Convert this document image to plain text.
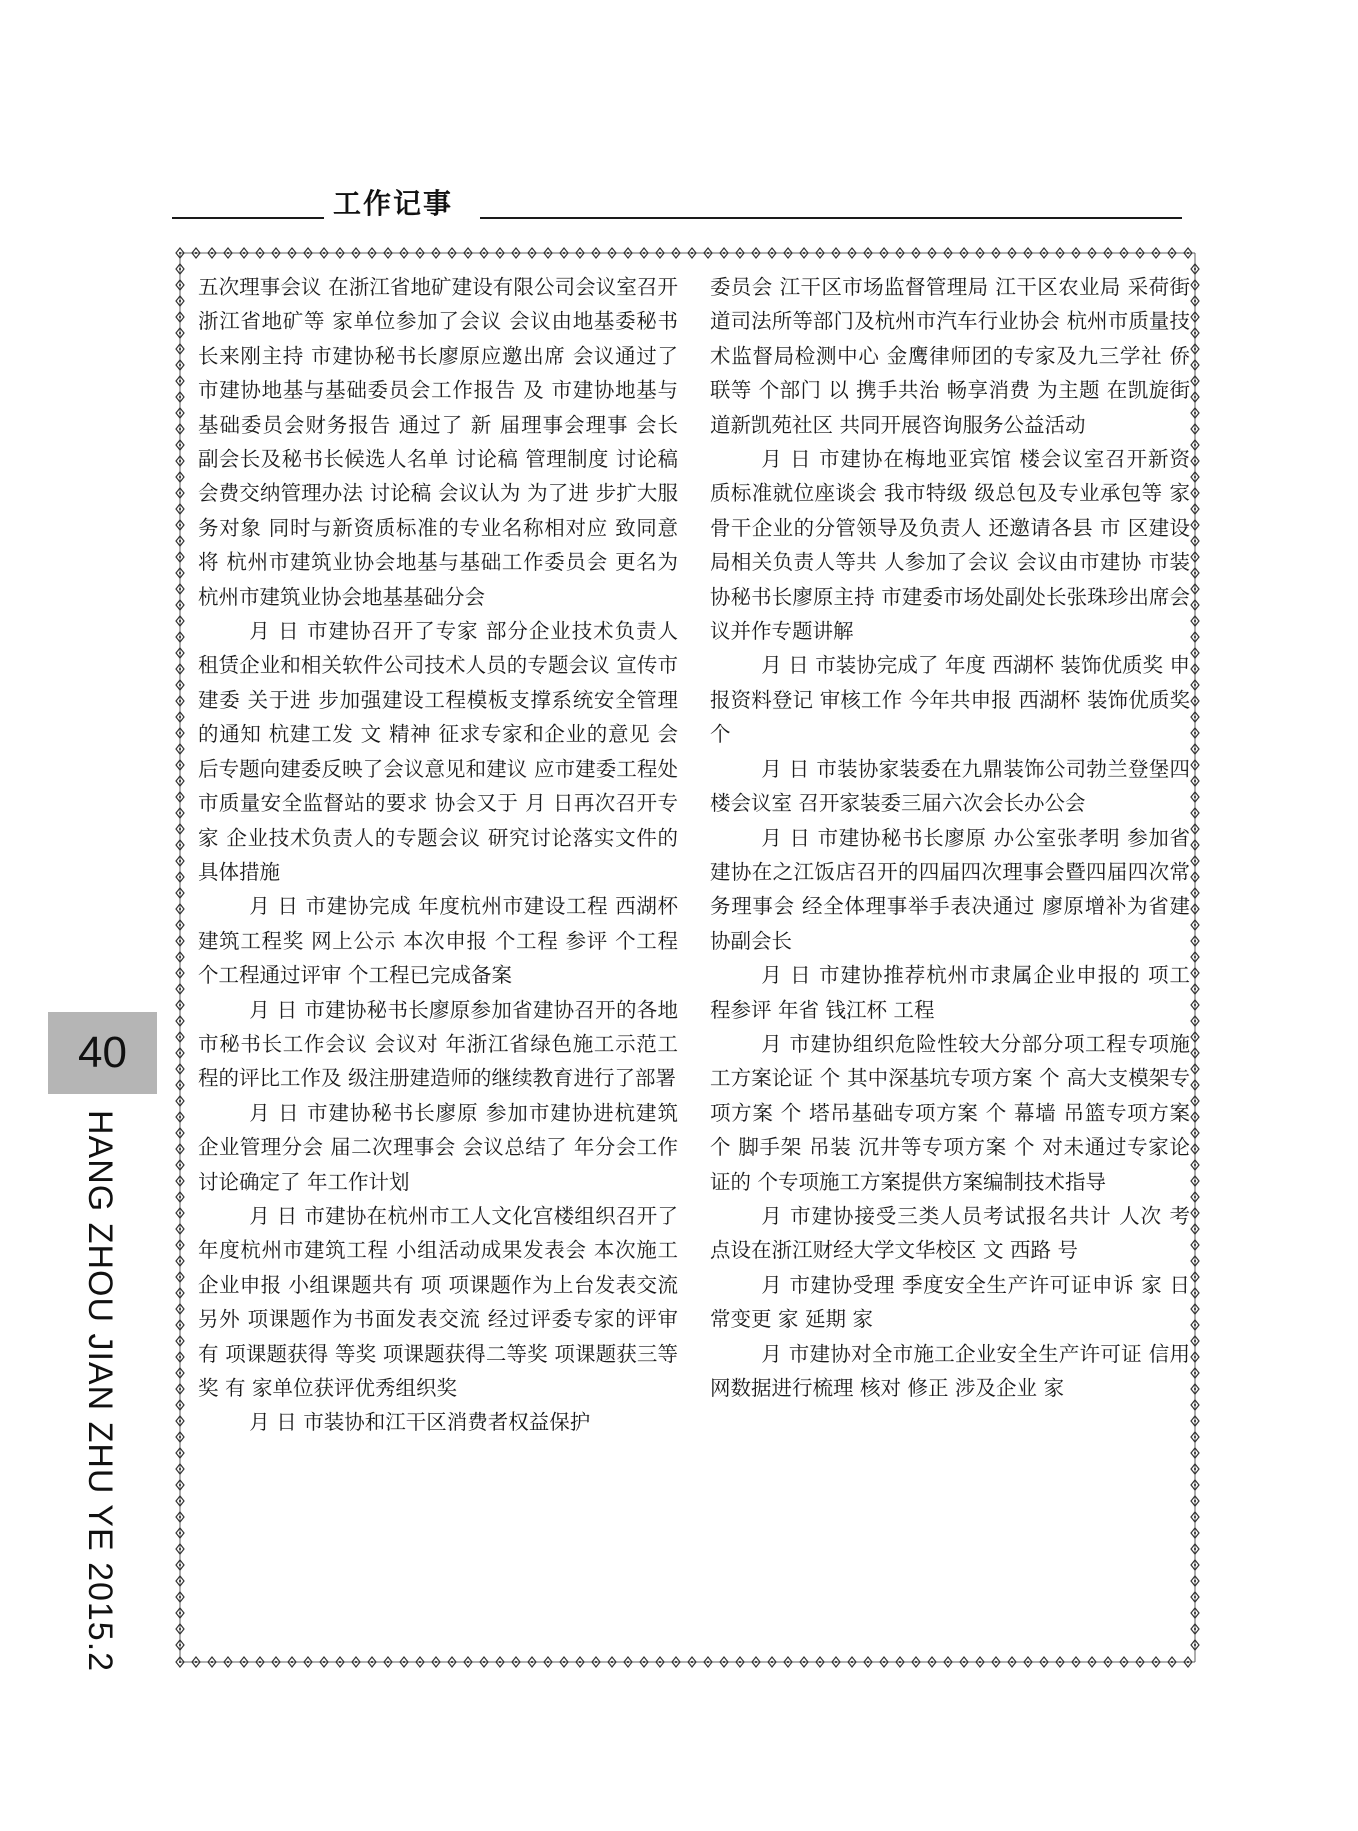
工作记事

五次理事会议 在浙江省地矿建设有限公司会议室召开 浙江省地矿等 家单位参加了会议 会议由地基委秘书长来刚主持 市建协秘书长廖原应邀出席 会议通过了 市建协地基与基础委员会工作报告 及 市建协地基与基础委员会财务报告 通过了 新 届理事会理事 会长 副会长及秘书长候选人名单 讨论稿 管理制度 讨论稿 会费交纳管理办法 讨论稿 会议认为 为了进 步扩大服务对象 同时与新资质标准的专业名称相对应 致同意将 杭州市建筑业协会地基与基础工作委员会 更名为 杭州市建筑业协会地基基础分会

月 日 市建协召开了专家 部分企业技术负责人 租赁企业和相关软件公司技术人员的专题会议 宣传市建委 关于进 步加强建设工程模板支撑系统安全管理的通知 杭建工发 文 精神 征求专家和企业的意见 会后专题向建委反映了会议意见和建议 应市建委工程处 市质量安全监督站的要求 协会又于 月 日再次召开专家 企业技术负责人的专题会议 研究讨论落实文件的具体措施

月 日 市建协完成 年度杭州市建设工程 西湖杯 建筑工程奖 网上公示 本次申报 个工程 参评 个工程 个工程通过评审 个工程已完成备案

月 日 市建协秘书长廖原参加省建协召开的各地市秘书长工作会议 会议对 年浙江省绿色施工示范工程的评比工作及 级注册建造师的继续教育进行了部署

月 日 市建协秘书长廖原 参加市建协进杭建筑企业管理分会 届二次理事会 会议总结了 年分会工作 讨论确定了 年工作计划

月 日 市建协在杭州市工人文化宫楼组织召开了 年度杭州市建筑工程 小组活动成果发表会 本次施工企业申报 小组课题共有 项 项课题作为上台发表交流 另外 项课题作为书面发表交流 经过评委专家的评审有 项课题获得 等奖 项课题获得二等奖 项课题获三等奖 有 家单位获评优秀组织奖

月 日 市装协和江干区消费者权益保护

委员会 江干区市场监督管理局 江干区农业局 采荷街道司法所等部门及杭州市汽车行业协会 杭州市质量技术监督局检测中心 金鹰律师团的专家及九三学社 侨联等 个部门 以 携手共治 畅享消费 为主题 在凯旋街道新凯苑社区 共同开展咨询服务公益活动

月 日 市建协在梅地亚宾馆 楼会议室召开新资质标准就位座谈会 我市特级 级总包及专业承包等 家骨干企业的分管领导及负责人 还邀请各县 市 区建设局相关负责人等共 人参加了会议 会议由市建协 市装协秘书长廖原主持 市建委市场处副处长张珠珍出席会议并作专题讲解

月 日 市装协完成了 年度 西湖杯 装饰优质奖 申报资料登记 审核工作 今年共申报 西湖杯 装饰优质奖 个

月 日 市装协家装委在九鼎装饰公司勃兰登堡四楼会议室 召开家装委三届六次会长办公会

月 日 市建协秘书长廖原 办公室张孝明 参加省建协在之江饭店召开的四届四次理事会暨四届四次常务理事会 经全体理事举手表决通过 廖原增补为省建协副会长

月 日 市建协推荐杭州市隶属企业申报的 项工程参评 年省 钱江杯 工程

月 市建协组织危险性较大分部分项工程专项施工方案论证 个 其中深基坑专项方案 个 高大支模架专项方案 个 塔吊基础专项方案 个 幕墙 吊篮专项方案 个 脚手架 吊装 沉井等专项方案 个 对未通过专家论证的 个专项施工方案提供方案编制技术指导

月 市建协接受三类人员考试报名共计 人次 考点设在浙江财经大学文华校区 文 西路 号

月 市建协受理 季度安全生产许可证申诉 家 日常变更 家 延期 家

月 市建协对全市施工企业安全生产许可证 信用网数据进行梳理 核对 修正 涉及企业 家

40
HANG ZHOU JIAN ZHU YE 2015.2
